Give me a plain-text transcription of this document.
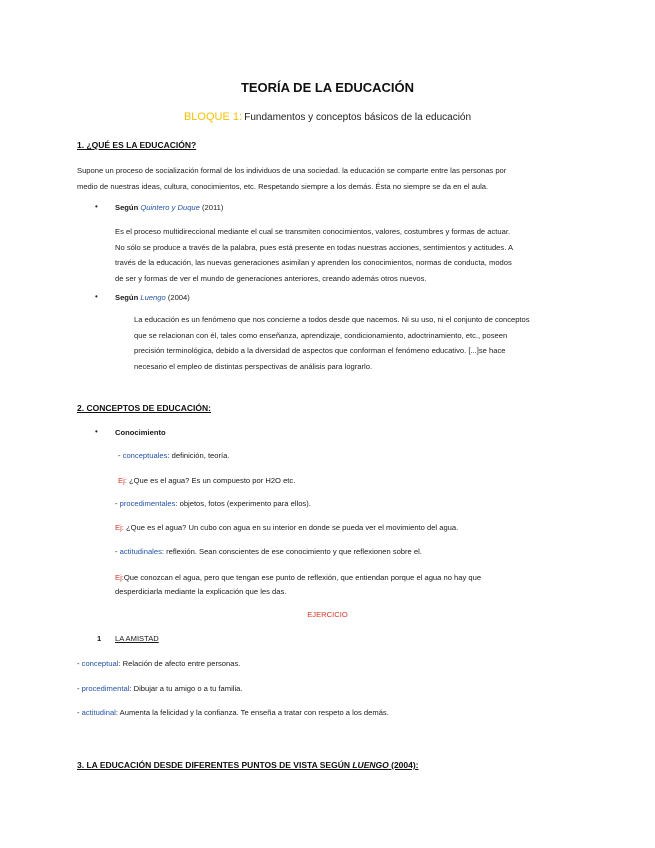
TEORÍA DE LA EDUCACIÓN
BLOQUE 1: Fundamentos y conceptos básicos de la educación
1. ¿QUÉ ES LA EDUCACIÓN?
Supone un proceso de socialización formal de los individuos de una sociedad. la educación se comparte entre las personas por
medio de nuestras ideas, cultura, conocimientos, etc. Respetando siempre a los demás. Ésta no siempre se da en el aula.
• Según Quintero y Duque (2011)
Es el proceso multidireccional mediante el cual se transmiten conocimientos, valores, costumbres y formas de actuar.
No sólo se produce a través de la palabra, pues está presente en todas nuestras acciones, sentimientos y actitudes. A
través de la educación, las nuevas generaciones asimilan y aprenden los conocimientos, normas de conducta, modos
de ser y formas de ver el mundo de generaciones anteriores, creando además otros nuevos.
• Según Luengo (2004)
La educación es un fenómeno que nos concierne a todos desde que nacemos. Ni su uso, ni el conjunto de conceptos
que se relacionan con él, tales como enseñanza, aprendizaje, condicionamiento, adoctrinamiento, etc., poseen
precisión terminológica, debido a la diversidad de aspectos que conforman el fenómeno educativo. [...]se hace
necesario el empleo de distintas perspectivas de análisis para lograrlo.
2. CONCEPTOS DE EDUCACIÓN:
• Conocimiento
- conceptuales: definición, teoría.
Ej: ¿Que es el agua? Es un compuesto por H2O etc.
- procedimentales: objetos, fotos (experimento para ellos).
Ej: ¿Que es el agua? Un cubo con agua en su interior en donde se pueda ver el movimiento del agua.
- actitudinales: reflexión. Sean conscientes de ese conocimiento y que reflexionen sobre el.
Ej:Que conozcan el agua, pero que tengan ese punto de reflexión, que entiendan porque el agua no hay que
desperdiciarla mediante la explicación que les das.
EJERCICIO
1 LA AMISTAD
- conceptual: Relación de afecto entre personas.
- procedimental: Dibujar a tu amigo o a tu familia.
- actitudinal: Aumenta la felicidad y la confianza. Te enseña a tratar con respeto a los demás.
3. LA EDUCACIÓN DESDE DIFERENTES PUNTOS DE VISTA SEGÚN LUENGO (2004):
